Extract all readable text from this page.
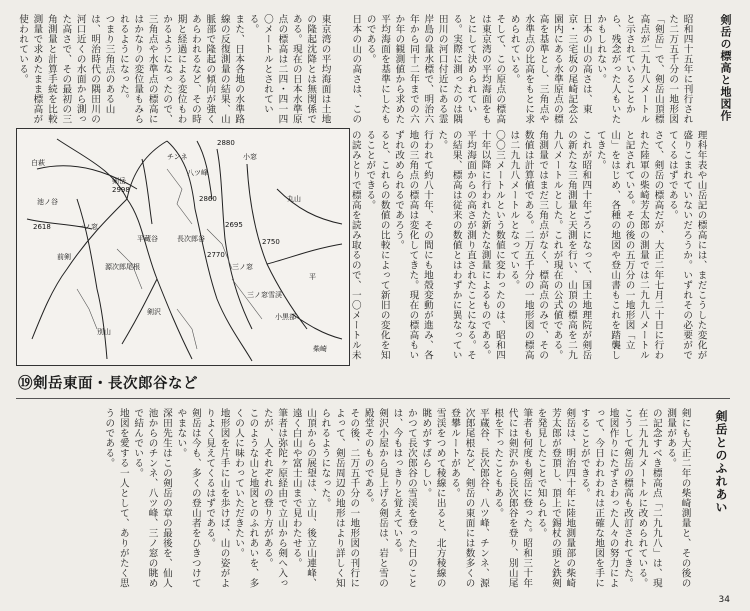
剣岳の標高と地図作

昭和四十五年に刊行された二万五千分の一地形図「剣岳」で、剣岳山頂標高点が二九九八メートルと示されていることから、残念がった人もいたかもしれない。
日本の山の高さは、東京・三宅坂の尾崎記念公園内にある水準原点の標高を基準とし、三角点や水準点の比高をもとに求められている。
そして、この原点の標高は東京湾の平均海面をもとにして決められている。実際に測ったのは隅田川の河口付近にある霊岸島の量水標で、明治六年から同十二年までの六か年の観測値から求めた平均海面を基準にしたものである。
日本の山の高さは、この

理科年表や山岳記の標高には、まだこうした変化が盛りこまれていないだろうか。いずれその必要がでてくるはずである。
さて、剣岳の標高だが、大正二年七月二十日に行われた陸軍の柴崎芳太郎の測量では二九九八メートルと記されている。その後の五万分の一地形図「立山」をはじめ、各種の地図や登山書もこれを踏襲してきた。
これが昭和四十年ごろになって、国土地理院が剣岳の新たな三角測量と天測を行い、山頂の標高を二九九八メートルとした。これが現在の公式値である。
角測量ではまだ三角点がなく、標高点のみで、その数値は計算値である。二万五千分の一地形図の標高は二九九八メートルとなっている。
〇〇三メートルという数値に変わったのは、昭和四十年以降に行われた新たな測量によるものである。
平均海面からの高さが測り直されたことになる。その結果、標高は従来の数値とはわずかに異なっていた。
行われて約八十年、その間にも地殻変動が進み、各地の三角点の標高は変化してきた。現在の標高もいずれ改められるであろう。
ると、これらの数値の比較によって新旧の変化を知ることができる。
の読みとりで標高を読み取るので、一〇メートル未

東京湾の平均海面は土地の隆起沈降とは無関係である。現在の日本水準原点の標高は二四・四一四〇メートルとされている。
また、日本各地の水準路線の反復測量の結果、山脈部で隆起の傾向が強くあらわれるなど、その時期と経過による変位もわかるようになったので、三角点や水準点の標高にはかなりの変位量もみられるようになった。
つまり三角点のある山は、明治時代の隅田川の河口近くの水面から測った高さで、その最初の三角測量と計算手続を比較測量で求めたまま標高が使われている。

チンネ
八ツ峰
剣岳
2998
2880
小窓
2860
長次郎谷
平蔵谷
源次郎尾根
白萩
池ノ谷
2618
前剣
三ノ窓
2750
2770
剣沢
別山
平
丸山
小黒部
一ノ窓	2695
柴崎
三ノ窓雪渓
⑲剣岳東面・長次郎谷など
剣岳とのふれあい

剣にも大正二年の柴崎測量と、その後の測量がある。
の記念すべき標高点「二九九八」は、現在二九九九メートルに改められている。
こうして剣岳の標高も改訂されてきた。地図作りにたずさわった人々の努力によって、今日われわれは正確な地図を手にすることができる。
剣岳は、明治四十年に陸地測量部の柴崎芳太郎が登頂し、頂上で錫杖の頭と鉄剣を発見したことで知られる。
筆者も何度も剣岳に登った。昭和三十年代には剣沢から長次郎谷を登り、別山尾根を下ったこともある。
平蔵谷、長次郎谷、八ツ峰、チンネ、源次郎尾根など、剣岳の東面には数多くの登攀ルートがある。
雪渓をつめて稜線に出ると、北方稜線の眺めがすばらしい。
かつて長次郎谷の雪渓を登った日のことは、今もはっきりと覚えている。
剣沢小屋から見上げる剣岳は、岩と雪の殿堂そのものである。
その後、二万五千分の一地形図の刊行によって、剣岳周辺の地形はより詳しく知られるようになった。
山頂からの展望は、立山、後立山連峰、遠く白山や富士山まで見わたせる。
筆者は弥陀ヶ原経由で立山から剣へ入ったが、人それぞれの登り方がある。
このような山と地図とのふれあいを、多くの人に味わっていただきたい。
地形図を片手に山を歩けば、山の姿がよりよく見えてくるはずである。
剣岳は今も、多くの登山者をひきつけてやまない。
深田先生はこの剣岳の章の最後を、仙人池からのチンネ、八ツ峰、三ノ窓の眺めで結んでいる。
地図を愛する一人として、ありがたく思うのである。

34
